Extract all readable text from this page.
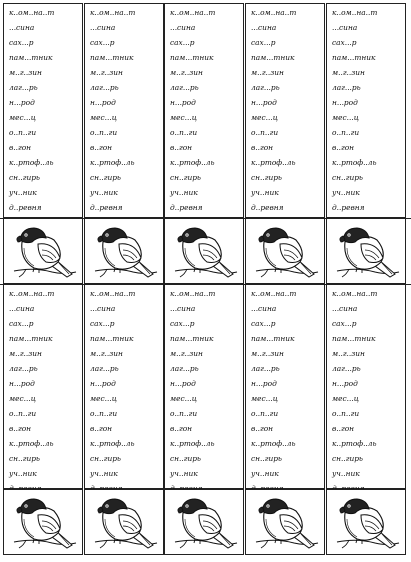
к..ом..на..т
...сина
сах...р
пам...тник
м..г..зин
лаг...рь
н...род
мес...ц
о..п..ги
в..гон
к..ртоф..ль
сн..гирь
уч..ник
д..ревня
к..ом..на..т
...сина
сах...р
пам...тник
м..г..зин
лаг...рь
н...род
мес...ц
о..п..ги
в..гон
к..ртоф..ль
сн..гирь
уч..ник
д..ревня
к..ом..на..т
...сина
сах...р
пам...тник
м..г..зин
лаг...рь
н...род
мес...ц
о..п..ги
в..гон
к..ртоф..ль
сн..гирь
уч..ник
д..ревня
к..ом..на..т
...сина
сах...р
пам...тник
м..г..зин
лаг...рь
н...род
мес...ц
о..п..ги
в..гон
к..ртоф..ль
сн..гирь
уч..ник
д..ревня
к..ом..на..т
...сина
сах...р
пам...тник
м..г..зин
лаг...рь
н...род
мес...ц
о..п..ги
в..гон
к..ртоф..ль
сн..гирь
уч..ник
д..ревня
к..ом..на..т
...сина
сах...р
пам...тник
м..г..зин
лаг...рь
н...род
мес...ц
о..п..ги
в..гон
к..ртоф..ль
сн..гирь
уч..ник
к..ом..на..т
...сина
сах...р
пам...тник
м..г..зин
лаг...рь
н...род
мес...ц
о..п..ги
в..гон
к..ртоф..ль
сн..гирь
уч..ник
к..ом..на..т
...сина
сах...р
пам...тник
м..г..зин
лаг...рь
н...род
мес...ц
о..п..ги
в..гон
к..ртоф..ль
сн..гирь
уч..ник
к..ом..на..т
...сина
сах...р
пам...тник
м..г..зин
лаг...рь
н...род
мес...ц
о..п..ги
в..гон
к..ртоф..ль
сн..гирь
уч..ник
к..ом..на..т
...сина
сах...р
пам...тник
м..г..зин
лаг...рь
н...род
мес...ц
о..п..ги
в..гон
к..ртоф..ль
сн..гирь
уч..ник
